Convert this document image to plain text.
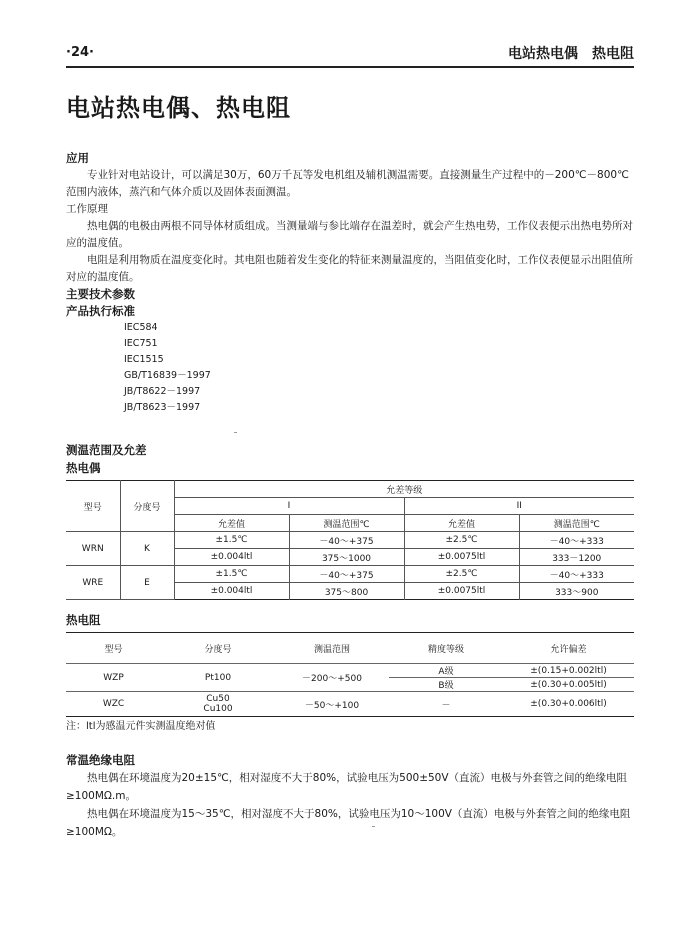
·24·	电站热电偶　热电阻
电站热电偶、热电阻

应用

专业针对电站设计，可以满足30万，60万千瓦等发电机组及辅机测温需要。直接测量生产过程中的－200℃－800℃范围内液体，蒸汽和气体介质以及固体表面测温。

工作原理

热电偶的电极由两根不同导体材质组成。当测量端与参比端存在温差时，就会产生热电势，工作仪表便示出热电势所对应的温度值。

电阻是利用物质在温度变化时。其电阻也随着发生变化的特征来测量温度的，当阻值变化时，工作仪表便显示出阻值所对应的温度值。

主要技术参数

产品执行标准

IEC584

IEC751

IEC1515

GB/T16839－1997

JB/T8622－1997

JB/T8623－1997

测温范围及允差
热电偶
型号	分度号	允差等级			
		I		II	
		允差值	测温范围℃	允差值	测温范围℃
WRN	K	±1.5℃	－40～+375	±2.5℃	－40～+333
		±0.004ltl	375～1000	±0.0075ltl	333－1200
WRE	E	±1.5℃	－40～+375	±2.5℃	－40～+333
		±0.004ltl	375～800	±0.0075ltl	333～900
热电阻
型号	分度号	测温范围	精度等级	允许偏差
WZP	Pt100	－200～+500	A级	±(0.15+0.002ltl)
			B级	±(0.30+0.005ltl)
WZC	Cu50
Cu100	－50～+100	－	±(0.30+0.006ltl)
注：ltl为感温元件实测温度绝对值

常温绝缘电阻

热电偶在环境温度为20±15℃，相对湿度不大于80%，试验电压为500±50V（直流）电极与外套管之间的绝缘电阻≥100MΩ.m。

热电偶在环境温度为15～35℃，相对湿度不大于80%，试验电压为10～100V（直流）电极与外套管之间的绝缘电阻≥100MΩ。
